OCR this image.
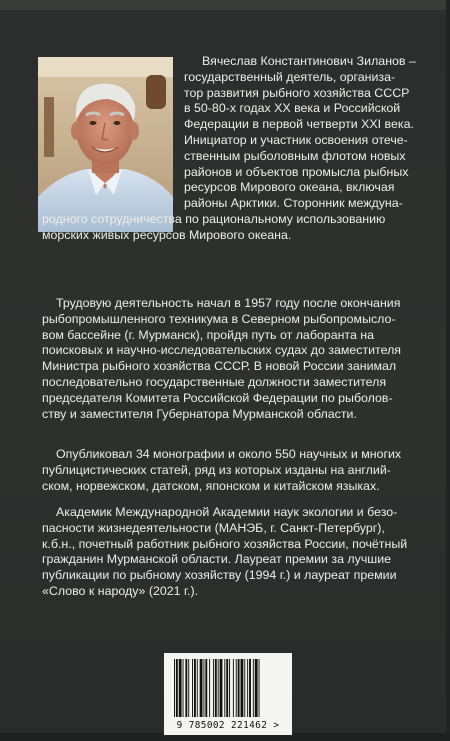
Вячеслав Константинович Зиланов –
государственный деятель, организа-
тор развития рыбного хозяйства СССР
в 50-80-х годах ХХ века и Российской
Федерации в первой четверти XXI века.
Инициатор и участник освоения отече-
ственным рыболовным флотом новых
районов и объектов промысла рыбных
ресурсов Мирового океана, включая
районы Арктики. Сторонник междуна-
родного сотрудничества по рациональному использованию
морских живых ресурсов Мирового океана.
Трудовую деятельность начал в 1957 году после окончания
рыбопромышленного техникума в Северном рыбопромысло-
вом бассейне (г. Мурманск), пройдя путь от лаборанта на
поисковых и научно-исследовательских судах до заместителя
Министра рыбного хозяйства СССР. В новой России занимал
последовательно государственные должности заместителя
председателя Комитета Российской Федерации по рыболов-
ству и заместителя Губернатора Мурманской области.
Опубликовал 34 монографии и около 550 научных и многих
публицистических статей, ряд из которых изданы на англий-
ском, норвежском, датском, японском и китайском языках.
Академик Международной Академии наук экологии и безо-
пасности жизнедеятельности (МАНЭБ, г. Санкт-Петербург),
к.б.н., почетный работник рыбного хозяйства России, почётный
гражданин Мурманской области. Лауреат премии за лучшие
публикации по рыбному хозяйству (1994 г.) и лауреат премии
«Слово к народу» (2021 г.).
9 785002 221462 >
